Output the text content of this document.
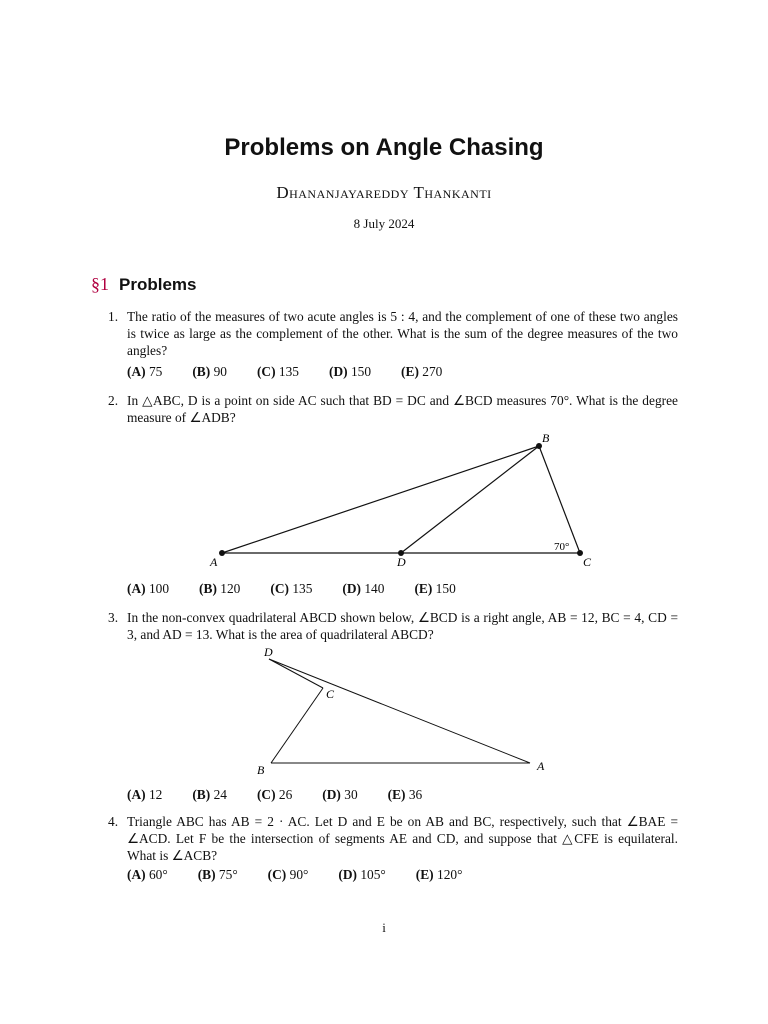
Problems on Angle Chasing
Dhananjayareddy Thankanti
8 July 2024
§1 Problems
1. The ratio of the measures of two acute angles is 5 : 4, and the complement of one of these two angles is twice as large as the complement of the other. What is the sum of the degree measures of the two angles?
(A) 75 (B) 90 (C) 135 (D) 150 (E) 270
2. In △ABC, D is a point on side AC such that BD = DC and ∠BCD measures 70°. What is the degree measure of ∠ADB?
A
B
C
D
70°
D
C
B	A
(A) 100 (B) 120 (C) 135 (D) 140 (E) 150
3. In the non-convex quadrilateral ABCD shown below, ∠BCD is a right angle, AB = 12, BC = 4, CD = 3, and AD = 13. What is the area of quadrilateral ABCD?
(A) 12 (B) 24 (C) 26 (D) 30 (E) 36
4. Triangle ABC has AB = 2 · AC. Let D and E be on AB and BC, respectively, such that ∠BAE = ∠ACD. Let F be the intersection of segments AE and CD, and suppose that △CFE is equilateral. What is ∠ACB?
(A) 60° (B) 75° (C) 90° (D) 105° (E) 120°
i
